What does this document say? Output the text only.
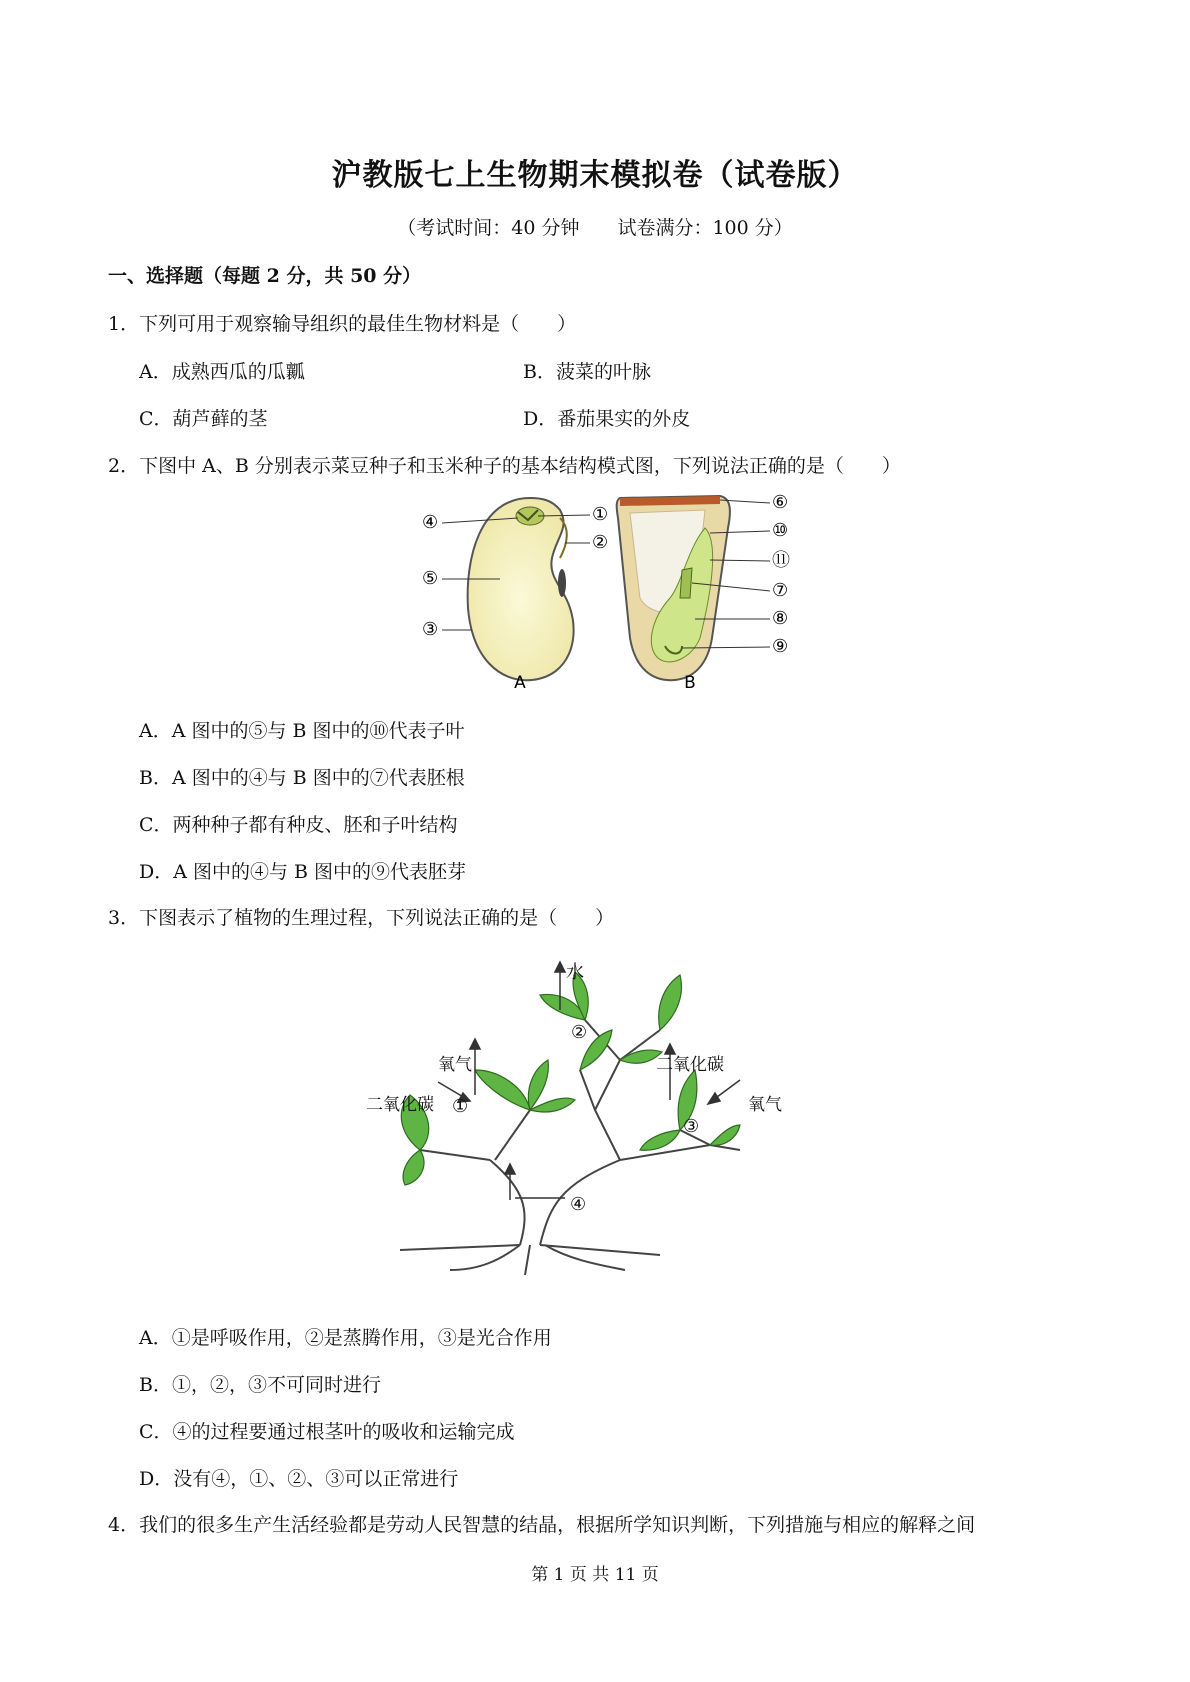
沪教版七上生物期末模拟卷（试卷版）
（考试时间：40 分钟　　试卷满分：100 分）
一、选择题（每题 2 分，共 50 分）
1．下列可用于观察输导组织的最佳生物材料是（　　）
A．成熟西瓜的瓜瓤	B．菠菜的叶脉
C．葫芦藓的茎	D．番茄果实的外皮
2．下图中 A、B 分别表示菜豆种子和玉米种子的基本结构模式图，下列说法正确的是（　　）
④	①
②
⑤
③
A
⑥
⑩
⑪
⑦
⑧
⑨
B
A．A 图中的⑤与 B 图中的⑩代表子叶
B．A 图中的④与 B 图中的⑦代表胚根
C．两种种子都有种皮、胚和子叶结构
D．A 图中的④与 B 图中的⑨代表胚芽
3．下图表示了植物的生理过程，下列说法正确的是（　　）
水
②
氧气
二氧化碳 ①
二氧化碳
③
氧气
④
A．①是呼吸作用，②是蒸腾作用，③是光合作用
B．①，②，③不可同时进行
C．④的过程要通过根茎叶的吸收和运输完成
D．没有④，①、②、③可以正常进行
4．我们的很多生产生活经验都是劳动人民智慧的结晶，根据所学知识判断，下列措施与相应的解释之间
第 1 页 共 11 页
